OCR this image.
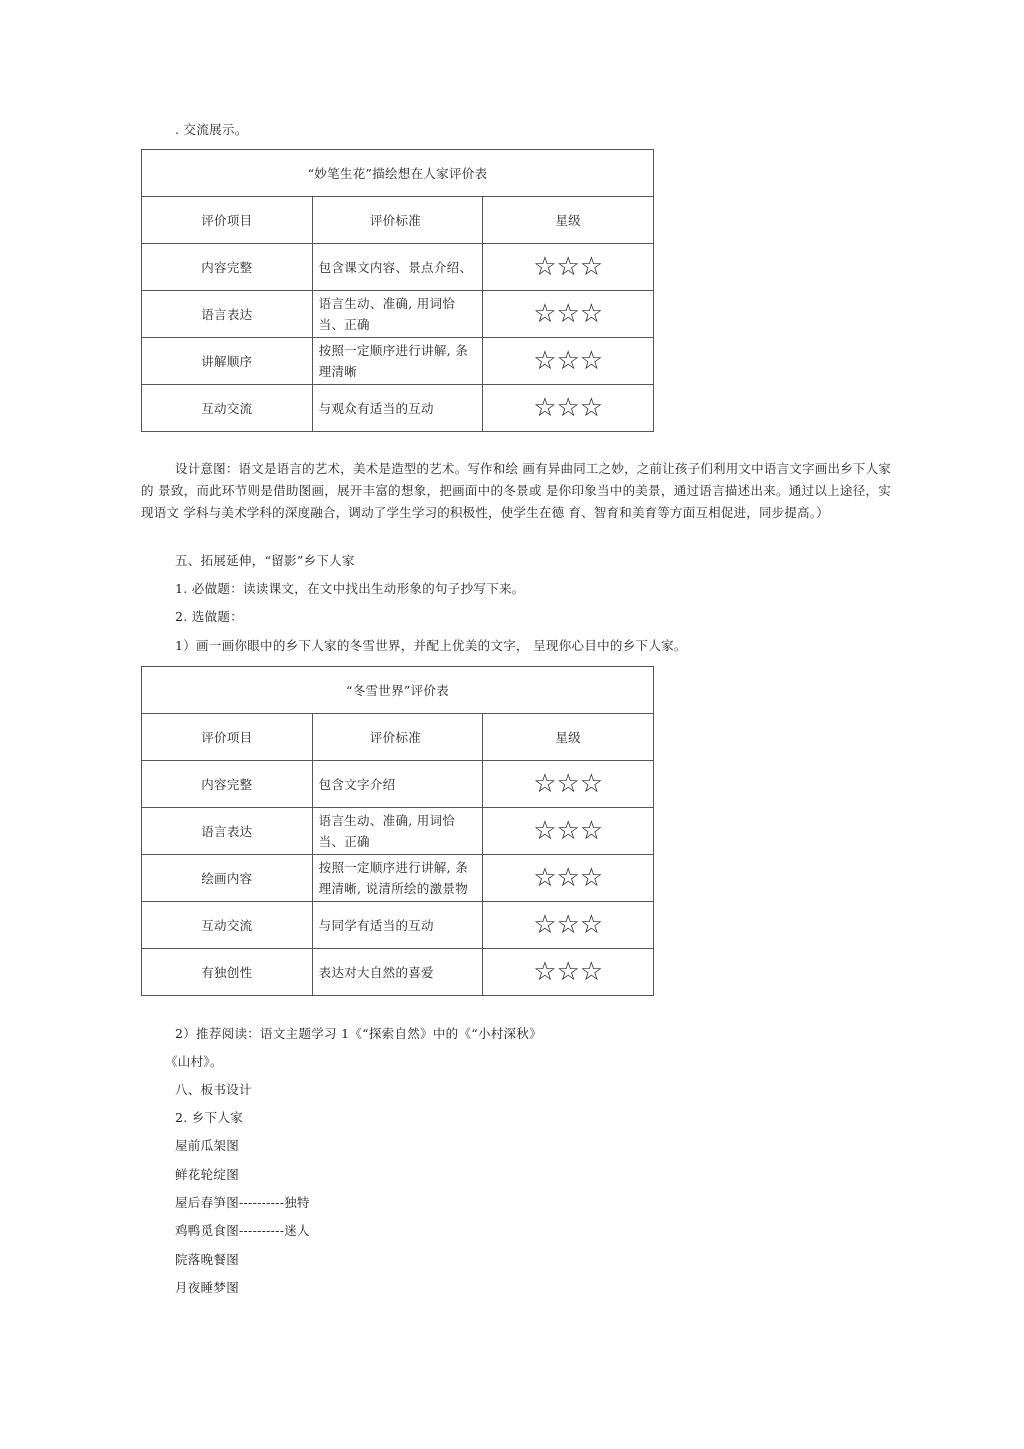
. 交流展示。
“妙笔生花”描绘想在人家评价表		
评价项目	评价标准	星级
内容完整	包含课文内容、景点介绍、	☆☆☆
语言表达	语言生动、准确, 用词恰当、正确	☆☆☆
讲解顺序	按照一定顺序进行讲解, 条理清晰	☆☆☆
互动交流	与观众有适当的互动	☆☆☆
设计意图：语文是语言的艺术，美术是造型的艺术。写作和绘 画有异曲同工之妙，之前让孩子们利用文中语言文字画出乡下人家的 景致，而此环节则是借助图画，展开丰富的想象，把画面中的冬景或 是你印象当中的美景，通过语言描述出来。通过以上途径，实现语文 学科与美术学科的深度融合，调动了学生学习的积极性，使学生在德 育、智育和美育等方面互相促进，同步提高。）
五、拓展延伸，“留影”乡下人家
1. 必做题：读读课文，在文中找出生动形象的句子抄写下来。
2. 选做题：
1）画一画你眼中的乡下人家的冬雪世界，并配上优美的文字， 呈现你心目中的乡下人家。
“冬雪世界”评价表		
评价项目	评价标准	星级
内容完整	包含文字介绍	☆☆☆
语言表达	语言生动、准确, 用词恰当、正确	☆☆☆
绘画内容	按照一定顺序进行讲解, 条理清晰, 说清所绘的激景物	☆☆☆
互动交流	与同学有适当的互动	☆☆☆
有独创性	表达对大自然的喜爱	☆☆☆
2）推荐阅读：语文主题学习 1《“探索自然》中的《“小村深秋》
《山村》。
八、板书设计
2. 乡下人家
屋前瓜架图
鲜花轮绽图
屋后春笋图----------独特
鸡鸭觅食图----------迷人
院落晚餐图
月夜睡梦图
